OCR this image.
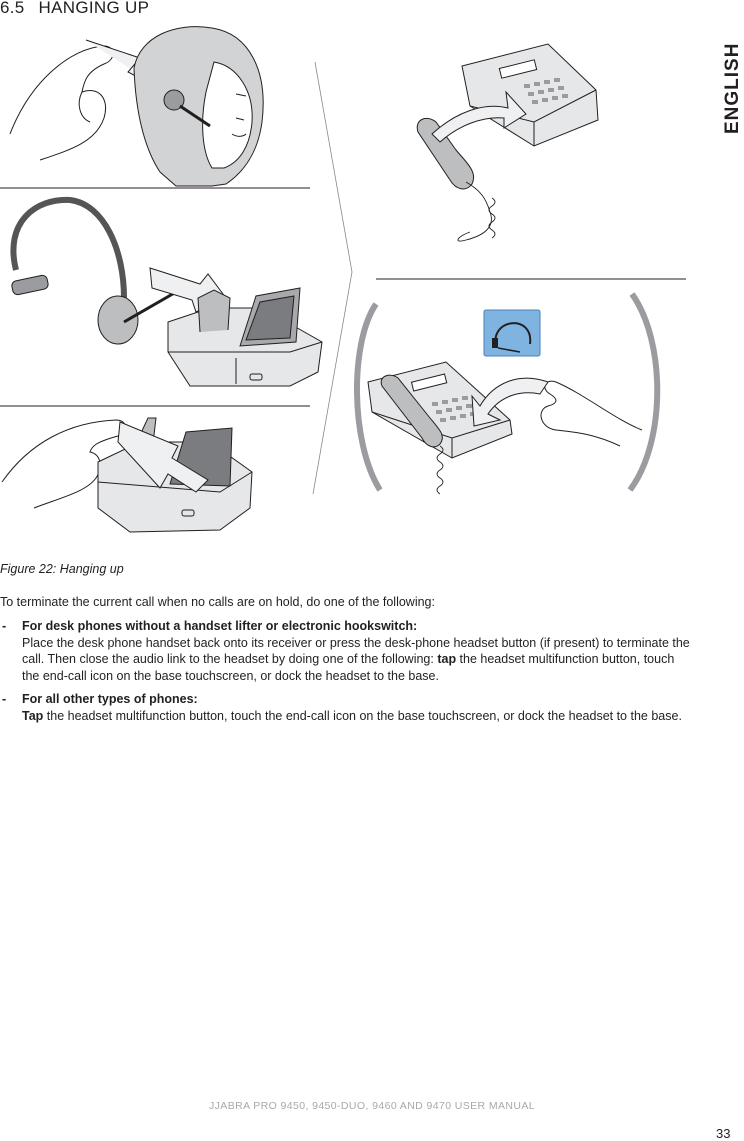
6.5 HANGING UP
ENGLISH
Figure 22: Hanging up
To terminate the current call when no calls are on hold, do one of the following:
- For desk phones without a handset lifter or electronic hookswitch:
Place the desk phone handset back onto its receiver or press the desk-phone headset button (if present) to terminate the call. Then close the audio link to the headset by doing one of the following: tap the headset multifunction button, touch the end-call icon on the base touchscreen, or dock the headset to the base.
- For all other types of phones:
Tap the headset multifunction button, touch the end-call icon on the base touchscreen, or dock the headset to the base.
JJABRA PRO 9450, 9450-DUO, 9460 AND 9470 USER MANUAL
33
